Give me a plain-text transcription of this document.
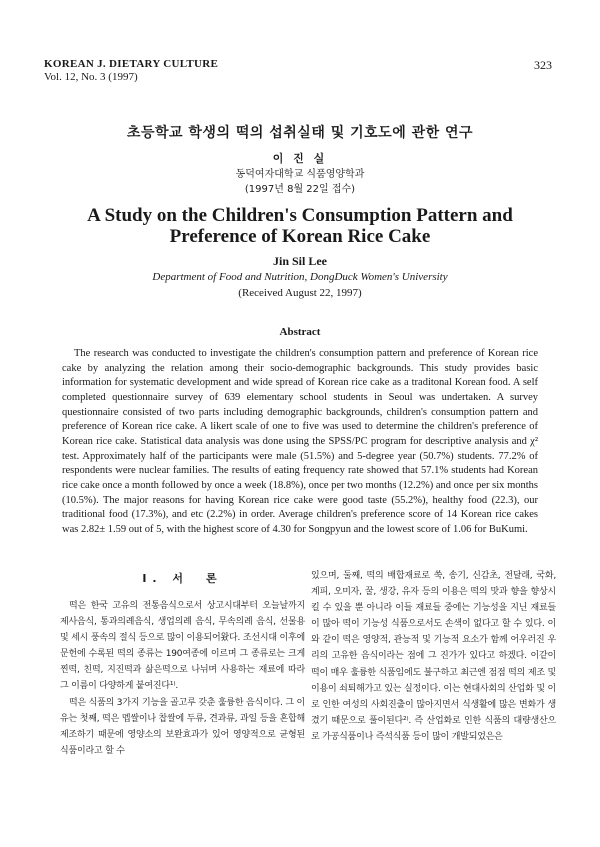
KOREAN J. DIETARY CULTURE
Vol. 12, No. 3 (1997)
323
초등학교 학생의 떡의 섭취실태 및 기호도에 관한 연구
이 진 실
동덕여자대학교 식품영양학과
(1997년 8월 22일 접수)
A Study on the Children's Consumption Pattern and
Preference of Korean Rice Cake
Jin Sil Lee
Department of Food and Nutrition, DongDuck Women's University
(Received August 22, 1997)
Abstract

The research was conducted to investigate the children's consumption pattern and preference of Korean rice cake by analyzing the relation among their socio-demographic backgrounds. This study provides basic information for systematic development and wide spread of Korean rice cake as a traditonal Korean food. A self completed questionnaire survey of 639 elementary school students in Seoul was undertaken. A survey questionnaire consisted of two parts including demographic backgrounds, children's consumption pattern and preference of Korean rice cake. A likert scale of one to five was used to determine the children's preference of Korean rice cake. Statistical data analysis was done using the SPSS/PC program for descriptive analysis and χ² test. Approximately half of the participants were male (51.5%) and 5-degree year (50.7%) students. 77.2% of respondents were nuclear families. The results of eating frequency rate showed that 57.1% students had Korean rice cake once a month followed by once a week (18.8%), once per two months (12.2%) and once per six months (10.5%). The major reasons for having Korean rice cake were good taste (55.2%), healthy food (22.3), our traditional food (17.3%), and etc (2.2%) in order. Average children's preference score of 14 Korean rice cakes was 2.82± 1.59 out of 5, with the highest score of 4.30 for Songpyun and the lowest score of 1.06 for BuKumi.

I. 서　론

떡은 한국 고유의 전통음식으로서 상고시대부터 오늘날까지 제사음식, 통과의례음식, 생업의례 음식, 무속의례 음식, 선물용 및 세시 풍속의 절식 등으로 많이 이용되어왔다. 조선시대 이후에 문헌에 수록된 떡의 종류는 190여종에 이르며 그 종류로는 크게 찐떡, 친떡, 지진떡과 삶은떡으로 나뉘며 사용하는 재료에 따라 그 이름이 다양하게 붙여진다¹⁾.

떡은 식품의 3가지 기능을 골고루 갖춘 훌륭한 음식이다. 그 이유는 첫째, 떡은 멥쌀이나 찹쌀에 두류, 견과류, 과일 등을 혼합해 제조하기 때문에 영양소의 보완효과가 있어 영양적으로 균형된 식품이라고 할 수

있으며, 둘째, 떡의 배합재료로 쑥, 송기, 신감초, 전달래, 국화, 계피, 오미자, 꿀, 생강, 유자 등의 이용은 떡의 맛과 향을 향상시킬 수 있을 뿐 아니라 이들 재료들 중에는 기능성을 지닌 재료들이 많아 떡이 기능성 식품으로서도 손색이 없다고 할 수 있다. 이와 같이 떡은 영양적, 관능적 및 기능적 요소가 함께 어우러진 우리의 고유한 음식이라는 점에 그 진가가 있다고 하겠다. 이같이 떡이 매우 훌륭한 식품임에도 불구하고 최근엔 점점 떡의 제조 및 이용이 쇠퇴해가고 있는 실정이다. 이는 현대사회의 산업화 및 이로 인한 여성의 사회진출이 많아지면서 식생활에 많은 변화가 생겼기 때문으로 풀이된다²⁾. 즉 산업화로 인한 식품의 대량생산으로 가공식품이나 즉석식품 등이 많이 개발되었은은
